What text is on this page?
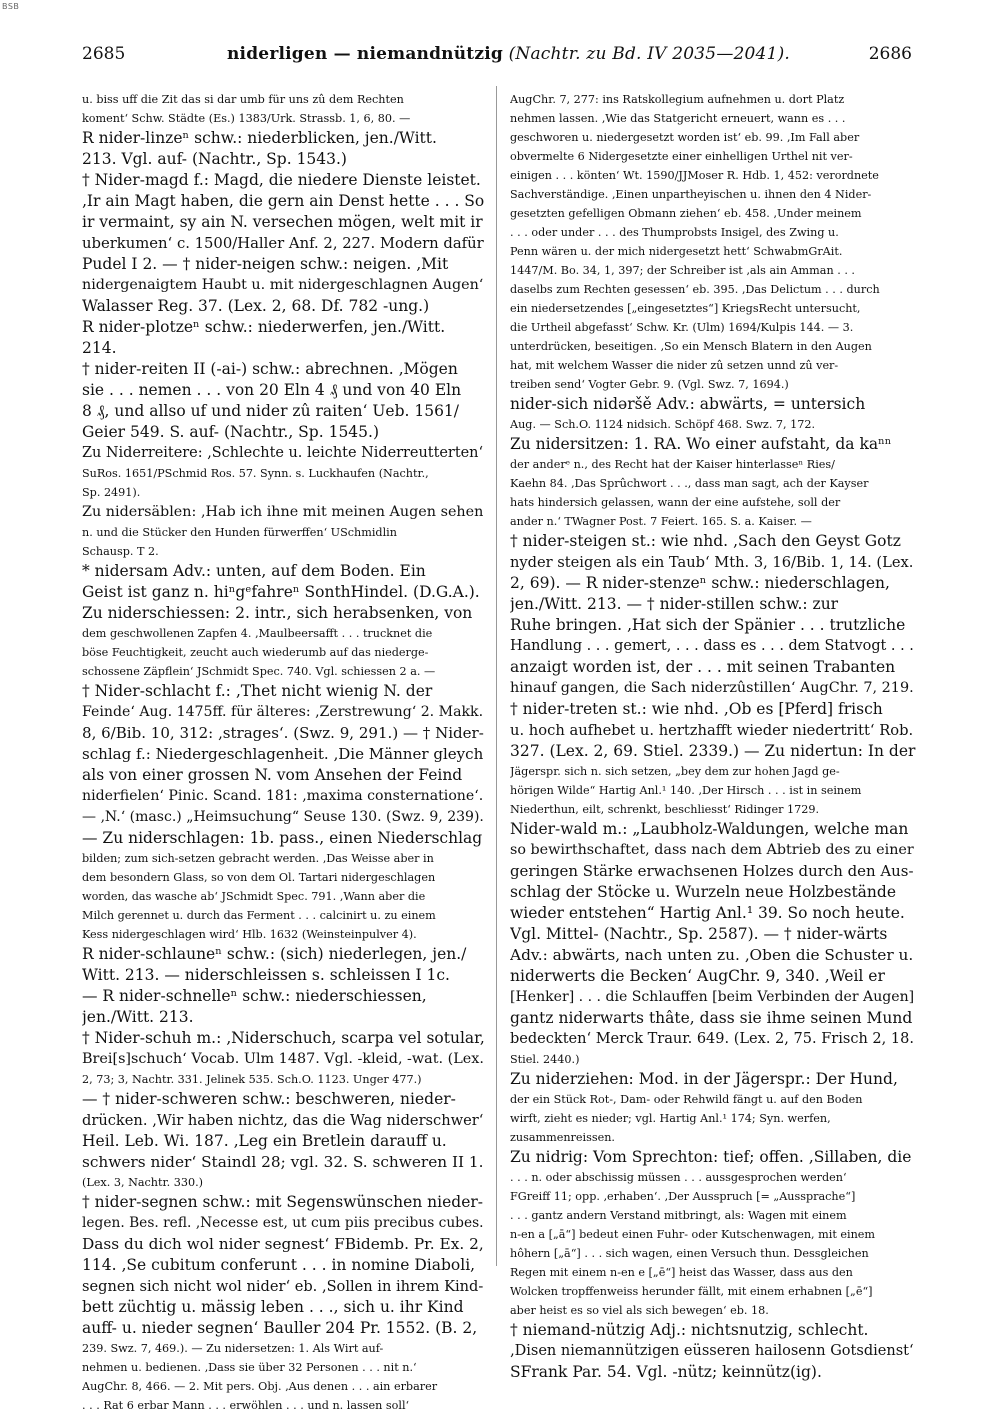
BSB
2685	niderligen — niemandnützig (Nachtr. zu Bd. IV 2035—2041).	2686

u. biss uff die Zit das si dar umb für uns zû dem Rechten

koment‘ Schw. Städte (Es.) 1383/Urk. Strassb. 1, 6, 80. —

R nider-linzeⁿ schw.: niederblicken, jen./Witt.

213. Vgl. auf- (Nachtr., Sp. 1543.)

† Nider-magd f.: Magd, die niedere Dienste leistet.

‚Ir ain Magt haben, die gern ain Denst hette . . . So

ir vermaint, sy ain N. versechen mögen, welt mit ir

uberkumen‘ c. 1500/Haller Anf. 2, 227. Modern dafür

Pudel I 2. — † nider-neigen schw.: neigen. ‚Mit

nidergenaigtem Haubt u. mit nidergeschlagnen Augen‘

Walasser Reg. 37. (Lex. 2, 68. Df. 782 -ung.)

R nider-plotzeⁿ schw.: niederwerfen, jen./Witt.

214.

† nider-reiten II (-ai-) schw.: abrechnen. ‚Mögen

sie . . . nemen . . . von 20 Eln 4 ₰ und von 40 Eln

8 ₰, und allso uf und nider zû raiten‘ Ueb. 1561/

Geier 549. S. auf- (Nachtr., Sp. 1545.)

Zu Niderreitere: ‚Schlechte u. leichte Niderreutterten‘

SuRos. 1651/PSchmid Ros. 57. Synn. s. Luckhaufen (Nachtr.,

Sp. 2491).

Zu nidersäblen: ‚Hab ich ihne mit meinen Augen sehen

n. und die Stücker den Hunden fürwerffen‘ USchmidlin

Schausp. T 2.

* nidersam Adv.: unten, auf dem Boden. Ein

Geist ist ganz n. hiⁿgᵉfahreⁿ SonthHindel. (D.G.A.).

Zu niderschiessen: 2. intr., sich herabsenken, von

dem geschwollenen Zapfen 4. ‚Maulbeersafft . . . trucknet die

böse Feuchtigkeit, zeucht auch wiederumb auf das niederge-

schossene Zäpflein‘ JSchmidt Spec. 740. Vgl. schiessen 2 a. —

† Nider-schlacht f.: ‚Thet nicht wienig N. der

Feinde‘ Aug. 1475ff. für älteres: ‚Zerstrewung‘ 2. Makk.

8, 6/Bib. 10, 312: ‚strages‘. (Swz. 9, 291.) — † Nider-

schlag f.: Niedergeschlagenheit. ‚Die Männer gleych

als von einer grossen N. vom Ansehen der Feind

niderfielen‘ Pinic. Scand. 181: ‚maxima consternatione‘.

— ‚N.‘ (masc.) „Heimsuchung“ Seuse 130. (Swz. 9, 239).

— Zu niderschlagen: 1b. pass., einen Niederschlag

bilden; zum sich-setzen gebracht werden. ‚Das Weisse aber in

dem besondern Glass, so von dem Ol. Tartari nidergeschlagen

worden, das wasche ab‘ JSchmidt Spec. 791. ‚Wann aber die

Milch gerennet u. durch das Ferment . . . calcinirt u. zu einem

Kess nidergeschlagen wird‘ Hlb. 1632 (Weinsteinpulver 4).

R nider-schlauneⁿ schw.: (sich) niederlegen, jen./

Witt. 213. — niderschleissen s. schleissen I 1c.

— R nider-schnelleⁿ schw.: niederschiessen,

jen./Witt. 213.

† Nider-schuh m.: ‚Niderschuch, scarpa vel sotular,

Brei[s]schuch‘ Vocab. Ulm 1487. Vgl. -kleid, -wat. (Lex.

2, 73; 3, Nachtr. 331. Jelinek 535. Sch.O. 1123. Unger 477.)

— † nider-schweren schw.: beschweren, nieder-

drücken. ‚Wir haben nichtz, das die Wag niderschwer‘

Heil. Leb. Wi. 187. ‚Leg ein Bretlein darauff u.

schwers nider‘ Staindl 28; vgl. 32. S. schweren II 1.

(Lex. 3, Nachtr. 330.)

† nider-segnen schw.: mit Segenswünschen nieder-

legen. Bes. refl. ‚Necesse est, ut cum piis precibus cubes.

Dass du dich wol nider segnest‘ FBidemb. Pr. Ex. 2,

114. ‚Se cubitum conferunt . . . in nomine Diaboli,

segnen sich nicht wol nider‘ eb. ‚Sollen in ihrem Kind-

bett züchtig u. mässig leben . . ., sich u. ihr Kind

auff- u. nieder segnen‘ Bauller 204 Pr. 1552. (B. 2,

239. Swz. 7, 469.). — Zu nidersetzen: 1. Als Wirt auf-

nehmen u. bedienen. ‚Dass sie über 32 Personen . . . nit n.‘

AugChr. 8, 466. — 2. Mit pers. Obj. ‚Aus denen . . . ain erbarer

. . . Rat 6 erbar Mann . . . erwöhlen . . . und n. lassen soll‘

AugChr. 7, 277: ins Ratskollegium aufnehmen u. dort Platz

nehmen lassen. ‚Wie das Statgericht erneuert, wann es . . .

geschworen u. niedergesetzt worden ist‘ eb. 99. ‚Im Fall aber

obvermelte 6 Nidergesetzte einer einhelligen Urthel nit ver-

einigen . . . könten‘ Wt. 1590/JJMoser R. Hdb. 1, 452: verordnete

Sachverständige. ‚Einen unpartheyischen u. ihnen den 4 Nider-

gesetzten gefelligen Obmann ziehen‘ eb. 458. ‚Under meinem

. . . oder under . . . des Thumprobsts Insigel, des Zwing u.

Penn wären u. der mich nidergesetzt hett‘ SchwabmGrAit.

1447/M. Bo. 34, 1, 397; der Schreiber ist ‚als ain Amman . . .

daselbs zum Rechten gesessen‘ eb. 395. ‚Das Delictum . . . durch

ein niedersetzendes [„eingesetztes“] KriegsRecht untersucht,

die Urtheil abgefasst‘ Schw. Kr. (Ulm) 1694/Kulpis 144. — 3.

unterdrücken, beseitigen. ‚So ein Mensch Blatern in den Augen

hat, mit welchem Wasser die nider zû setzen unnd zû ver-

treiben send‘ Vogter Gebr. 9. (Vgl. Swz. 7, 1694.)

nider-sich nidəršě Adv.: abwärts, = untersich

Aug. — Sch.O. 1124 nidsich. Schöpf 468. Swz. 7, 172.

Zu nidersitzen: 1. RA. Wo einer aufstaht, da kaⁿⁿ

der anderᵉ n., des Recht hat der Kaiser hinterlasseⁿ Ries/

Kaehn 84. ‚Das Sprûchwort . . ., dass man sagt, ach der Kayser

hats hindersich gelassen, wann der eine aufstehe, soll der

ander n.‘ TWagner Post. 7 Feiert. 165. S. a. Kaiser. —

† nider-steigen st.: wie nhd. ‚Sach den Geyst Gotz

nyder steigen als ein Taub‘ Mth. 3, 16/Bib. 1, 14. (Lex.

2, 69). — R nider-stenzeⁿ schw.: niederschlagen,

jen./Witt. 213. — † nider-stillen schw.: zur

Ruhe bringen. ‚Hat sich der Spänier . . . trutzliche

Handlung . . . gemert, . . . dass es . . . dem Statvogt . . .

anzaigt worden ist, der . . . mit seinen Trabanten

hinauf gangen, die Sach niderzûstillen‘ AugChr. 7, 219.

† nider-treten st.: wie nhd. ‚Ob es [Pferd] frisch

u. hoch aufhebet u. hertzhafft wieder niedertritt‘ Rob.

327. (Lex. 2, 69. Stiel. 2339.) — Zu nidertun: In der

Jägerspr. sich n. sich setzen, „bey dem zur hohen Jagd ge-

hörigen Wilde“ Hartig Anl.¹ 140. ‚Der Hirsch . . . ist in seinem

Niederthun, eilt, schrenkt, beschliesst‘ Ridinger 1729.

Nider-wald m.: „Laubholz-Waldungen, welche man

so bewirthschaftet, dass nach dem Abtrieb des zu einer

geringen Stärke erwachsenen Holzes durch den Aus-

schlag der Stöcke u. Wurzeln neue Holzbestände

wieder entstehen“ Hartig Anl.¹ 39. So noch heute.

Vgl. Mittel- (Nachtr., Sp. 2587). — † nider-wärts

Adv.: abwärts, nach unten zu. ‚Oben die Schuster u.

niderwerts die Becken‘ AugChr. 9, 340. ‚Weil er

[Henker] . . . die Schlauffen [beim Verbinden der Augen]

gantz niderwarts thâte, dass sie ihme seinen Mund

bedeckten‘ Merck Traur. 649. (Lex. 2, 75. Frisch 2, 18.

Stiel. 2440.)

Zu niderziehen: Mod. in der Jägerspr.: Der Hund,

der ein Stück Rot-, Dam- oder Rehwild fängt u. auf den Boden

wirft, zieht es nieder; vgl. Hartig Anl.¹ 174; Syn. werfen,

zusammenreissen.

Zu nidrig: Vom Sprechton: tief; offen. ‚Sillaben, die

. . . n. oder abschissig müssen . . . aussgesprochen werden‘

FGreiff 11; opp. ‚erhaben‘. ‚Der Ausspruch [= „Aussprache“]

. . . gantz andern Verstand mitbringt, als: Wagen mit einem

n-en a [„ā“] bedeut einen Fuhr- oder Kutschenwagen, mit einem

hôhern [„ā“] . . . sich wagen, einen Versuch thun. Dessgleichen

Regen mit einem n-en e [„ē“] heist das Wasser, dass aus den

Wolcken tropffenweiss herunder fällt, mit einem erhabnen [„ē“]

aber heist es so viel als sich bewegen‘ eb. 18.

† niemand-nützig Adj.: nichtsnutzig, schlecht.

‚Disen niemannützigen eüsseren hailosenn Gotsdienst‘

SFrank Par. 54. Vgl. -nütz; keinnütz(ig).
